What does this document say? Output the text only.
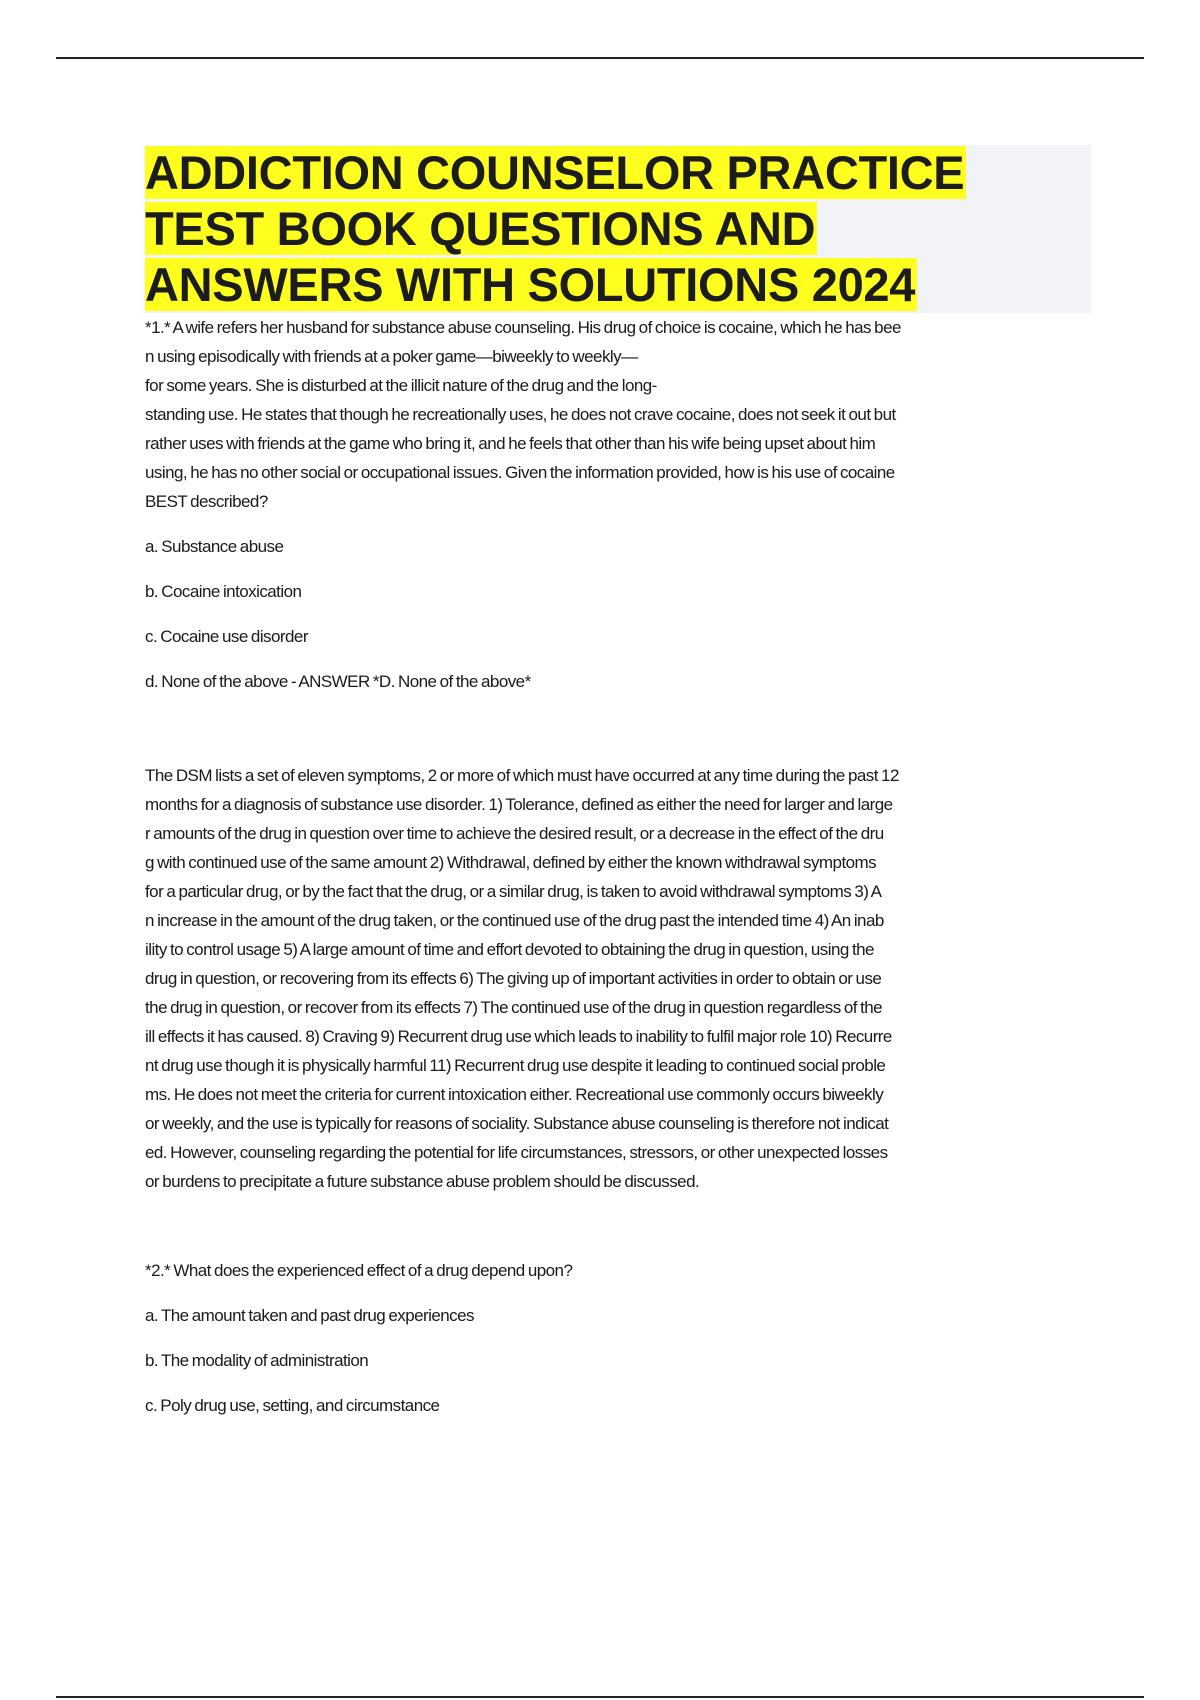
ADDICTION COUNSELOR PRACTICE
TEST BOOK QUESTIONS AND
ANSWERS WITH SOLUTIONS 2024
*1.* A wife refers her husband for substance abuse counseling. His drug of choice is cocaine, which he has bee
n using episodically with friends at a poker game—biweekly to weekly—
for some years. She is disturbed at the illicit nature of the drug and the long-
standing use. He states that though he recreationally uses, he does not crave cocaine, does not seek it out but
rather uses with friends at the game who bring it, and he feels that other than his wife being upset about him
using, he has no other social or occupational issues. Given the information provided, how is his use of cocaine
BEST described?

a. Substance abuse

b. Cocaine intoxication

c. Cocaine use disorder

d. None of the above - ANSWER *D. None of the above*

The DSM lists a set of eleven symptoms, 2 or more of which must have occurred at any time during the past 12
months for a diagnosis of substance use disorder. 1) Tolerance, defined as either the need for larger and large
r amounts of the drug in question over time to achieve the desired result, or a decrease in the effect of the dru
g with continued use of the same amount 2) Withdrawal, defined by either the known withdrawal symptoms
for a particular drug, or by the fact that the drug, or a similar drug, is taken to avoid withdrawal symptoms 3) A
n increase in the amount of the drug taken, or the continued use of the drug past the intended time 4) An inab
ility to control usage 5) A large amount of time and effort devoted to obtaining the drug in question, using the
drug in question, or recovering from its effects 6) The giving up of important activities in order to obtain or use
the drug in question, or recover from its effects 7) The continued use of the drug in question regardless of the
ill effects it has caused. 8) Craving 9) Recurrent drug use which leads to inability to fulfil major role 10) Recurre
nt drug use though it is physically harmful 11) Recurrent drug use despite it leading to continued social proble
ms. He does not meet the criteria for current intoxication either. Recreational use commonly occurs biweekly
or weekly, and the use is typically for reasons of sociality. Substance abuse counseling is therefore not indicat
ed. However, counseling regarding the potential for life circumstances, stressors, or other unexpected losses
or burdens to precipitate a future substance abuse problem should be discussed.
*2.* What does the experienced effect of a drug depend upon?

a. The amount taken and past drug experiences

b. The modality of administration

c. Poly drug use, setting, and circumstance
